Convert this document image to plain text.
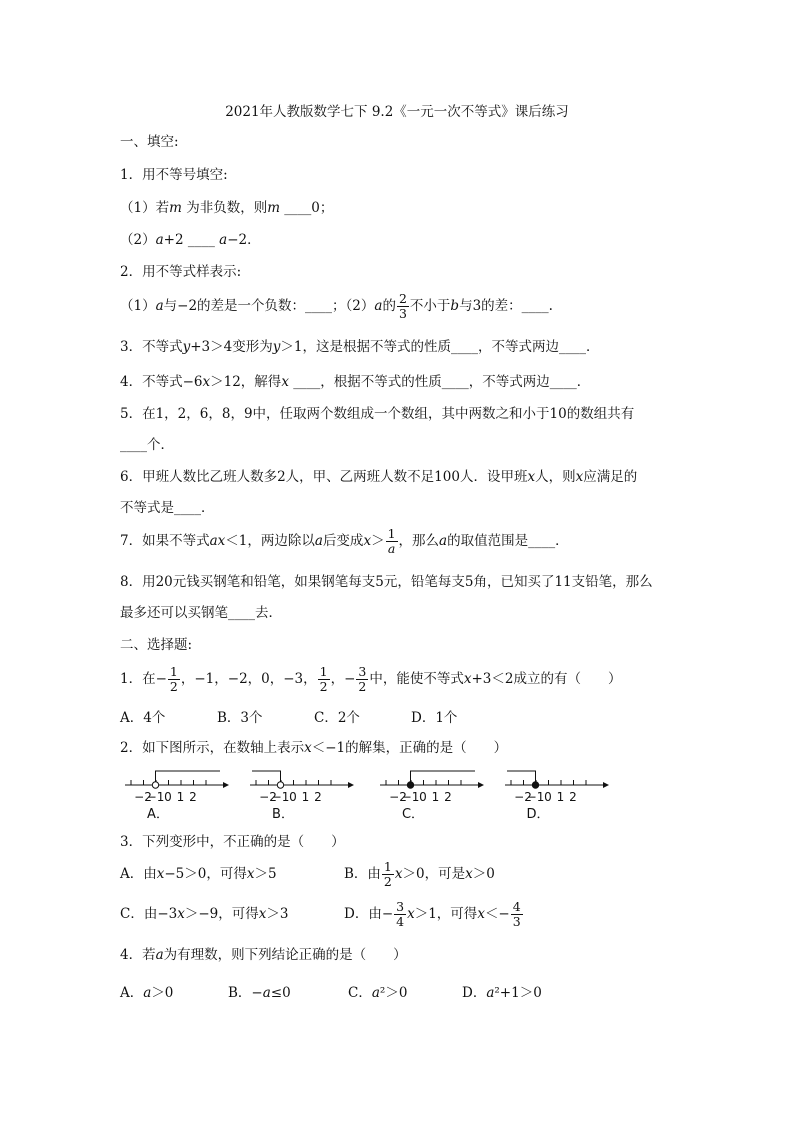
2021年人教版数学七下 9.2《一元一次不等式》课后练习
一、填空:
1．用不等号填空:
（1）若m 为非负数，则m ____0；
（2）a+2 ____ a−2．
2．用不等式样表示:
（1）a与−2的差是一个负数：____；（2）a的 $\frac{2}{3}$ 不小于b与3的差：____.
3．不等式y+3＞4变形为y＞1，这是根据不等式的性质____，不等式两边____．
4．不等式−6x＞12，解得x ____，根据不等式的性质____，不等式两边____．
5．在1，2，6，8，9中，任取两个数组成一个数组，其中两数之和小于10的数组共有
____个．
6．甲班人数比乙班人数多2人，甲、乙两班人数不足100人．设甲班x人，则x应满足的
不等式是____．
7．如果不等式ax＜1，两边除以a后变成$x> \frac{1}{a}$ ，那么a的取值范围是____．
8．用20元钱买钢笔和铅笔，如果钢笔每支5元，铅笔每支5角，已知买了11支铅笔，那么
最多还可以买钢笔____去．
二、选择题:
1．在− $\frac{1}{2}$ ，−1，−2，0，−3， $\frac{1}{2}$ ，− $\frac{3}{2}$ 中，能使不等式x+3＜2成立的有（　　）
A．4个	B．3个	C．2个	D．1个
2．如下图所示，在数轴上表示x＜−1的解集，正确的是（　　）
−2
−1 0 1 2
A．
−2
−1 0 1 2
B．
−2
−1 0 1 2
C．
−2
−1 0 1 2
D．
3．下列变形中，不正确的是（　　）
A．由x−5＞0，可得x＞5	B．由 $\frac{1}{2} x>0$，可是x＞0
C．由−3x＞−9，可得x＞3	D．由− $\frac{3}{4} x>1$，可得$x<- \frac{4}{3}$
4．若a为有理数，则下列结论正确的是（　　）
A．a＞0	B．−a≤0	C．a²＞0	D．a²+1＞0
